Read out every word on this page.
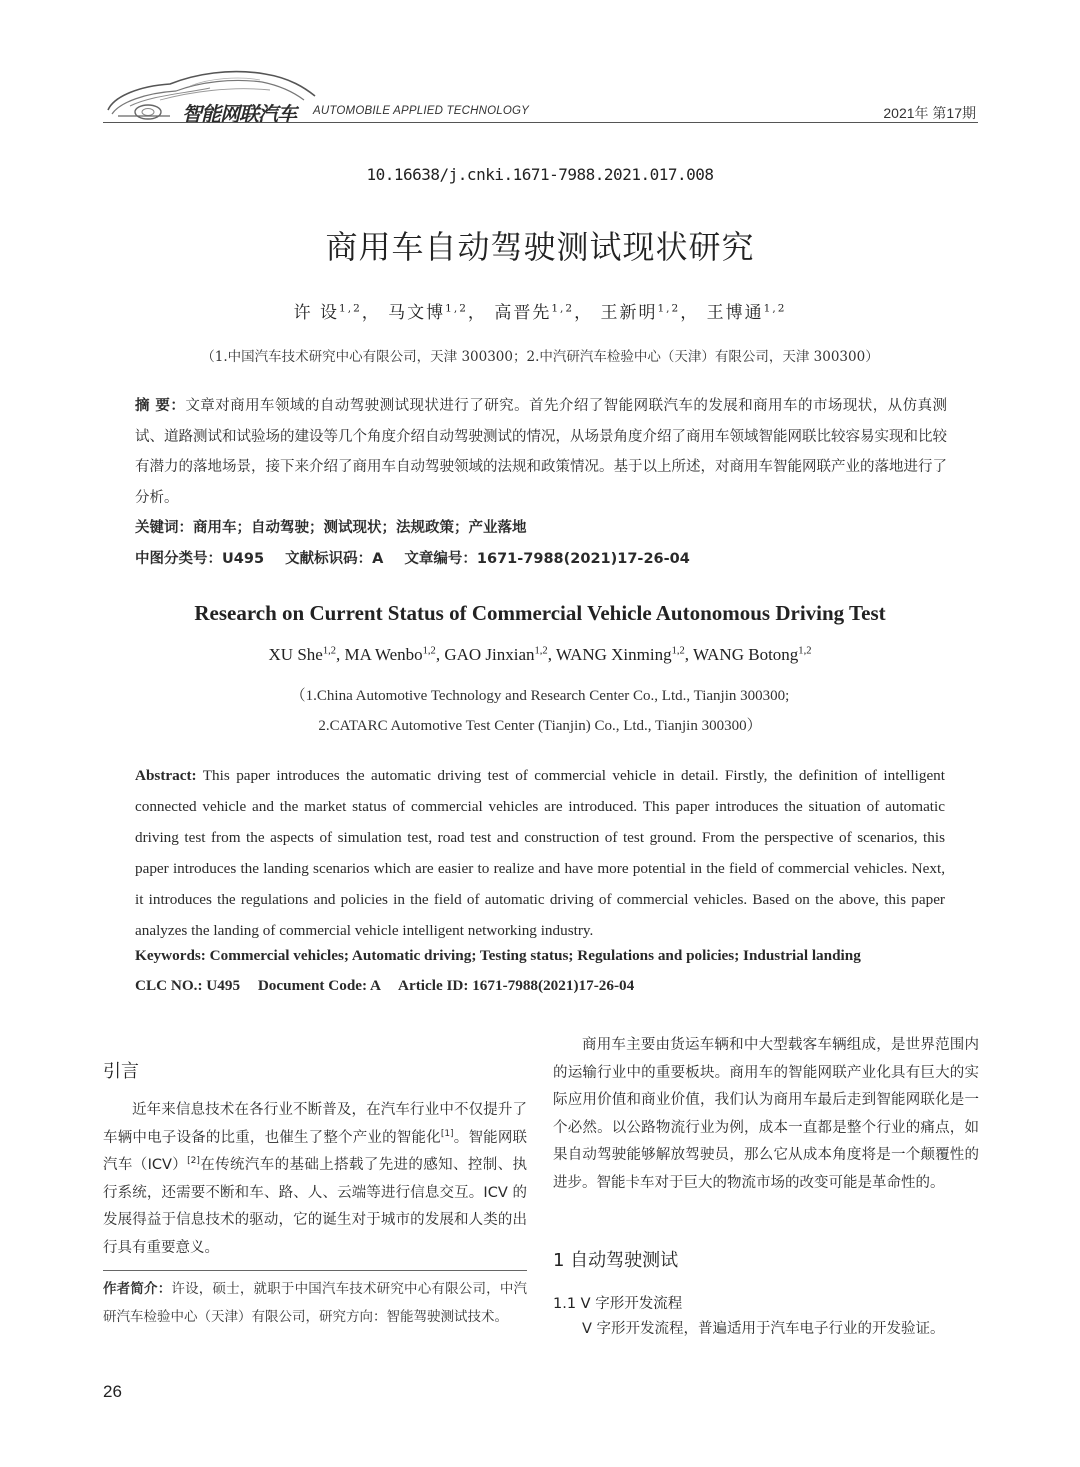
智能网联汽车 AUTOMOBILE APPLIED TECHNOLOGY	2021年 第17期
10.16638/j.cnki.1671-7988.2021.017.008
商用车自动驾驶测试现状研究
许 设$^{1,2}$， 马文博$^{1,2}$， 高晋先$^{1,2}$， 王新明$^{1,2}$， 王博通$^{1,2}$
（1.中国汽车技术研究中心有限公司，天津 300300；2.中汽研汽车检验中心（天津）有限公司，天津 300300）
摘 要：文章对商用车领域的自动驾驶测试现状进行了研究。首先介绍了智能网联汽车的发展和商用车的市场现状，从仿真测试、道路测试和试验场的建设等几个角度介绍自动驾驶测试的情况，从场景角度介绍了商用车领域智能网联比较容易实现和比较有潜力的落地场景，接下来介绍了商用车自动驾驶领域的法规和政策情况。基于以上所述，对商用车智能网联产业的落地进行了分析。
关键词：商用车；自动驾驶；测试现状；法规政策；产业落地
中图分类号：U495 文献标识码：A 文章编号：1671-7988(2021)17-26-04
Research on Current Status of Commercial Vehicle Autonomous Driving Test
XU She$^{1,2}$, MA Wenbo$^{1,2}$, GAO Jinxian$^{1,2}$, WANG Xinming$^{1,2}$, WANG Botong$^{1,2}$
（1.China Automotive Technology and Research Center Co., Ltd., Tianjin 300300;
2.CATARC Automotive Test Center (Tianjin) Co., Ltd., Tianjin 300300）
Abstract: This paper introduces the automatic driving test of commercial vehicle in detail. Firstly, the definition of intelligent connected vehicle and the market status of commercial vehicles are introduced. This paper introduces the situation of automatic driving test from the aspects of simulation test, road test and construction of test ground. From the perspective of scenarios, this paper introduces the landing scenarios which are easier to realize and have more potential in the field of commercial vehicles. Next, it introduces the regulations and policies in the field of automatic driving of commercial vehicles. Based on the above, this paper analyzes the landing of commercial vehicle intelligent networking industry.
Keywords: Commercial vehicles; Automatic driving; Testing status; Regulations and policies; Industrial landing
CLC NO.: U495 Document Code: A Article ID: 1671-7988(2021)17-26-04
引言

近年来信息技术在各行业不断普及，在汽车行业中不仅提升了车辆中电子设备的比重，也催生了整个产业的智能化[1]。智能网联汽车（ICV）[2]在传统汽车的基础上搭载了先进的感知、控制、执行系统，还需要不断和车、路、人、云端等进行信息交互。ICV 的发展得益于信息技术的驱动，它的诞生对于城市的发展和人类的出行具有重要意义。

作者简介：许设，硕士，就职于中国汽车技术研究中心有限公司，中汽研汽车检验中心（天津）有限公司，研究方向：智能驾驶测试技术。

商用车主要由货运车辆和中大型载客车辆组成，是世界范围内的运输行业中的重要板块。商用车的智能网联产业化具有巨大的实际应用价值和商业价值，我们认为商用车最后走到智能网联化是一个必然。以公路物流行业为例，成本一直都是整个行业的痛点，如果自动驾驶能够解放驾驶员，那么它从成本角度将是一个颠覆性的进步。智能卡车对于巨大的物流市场的改变可能是革命性的。

1 自动驾驶测试
1.1 V 字形开发流程

V 字形开发流程，普遍适用于汽车电子行业的开发验证。

26
